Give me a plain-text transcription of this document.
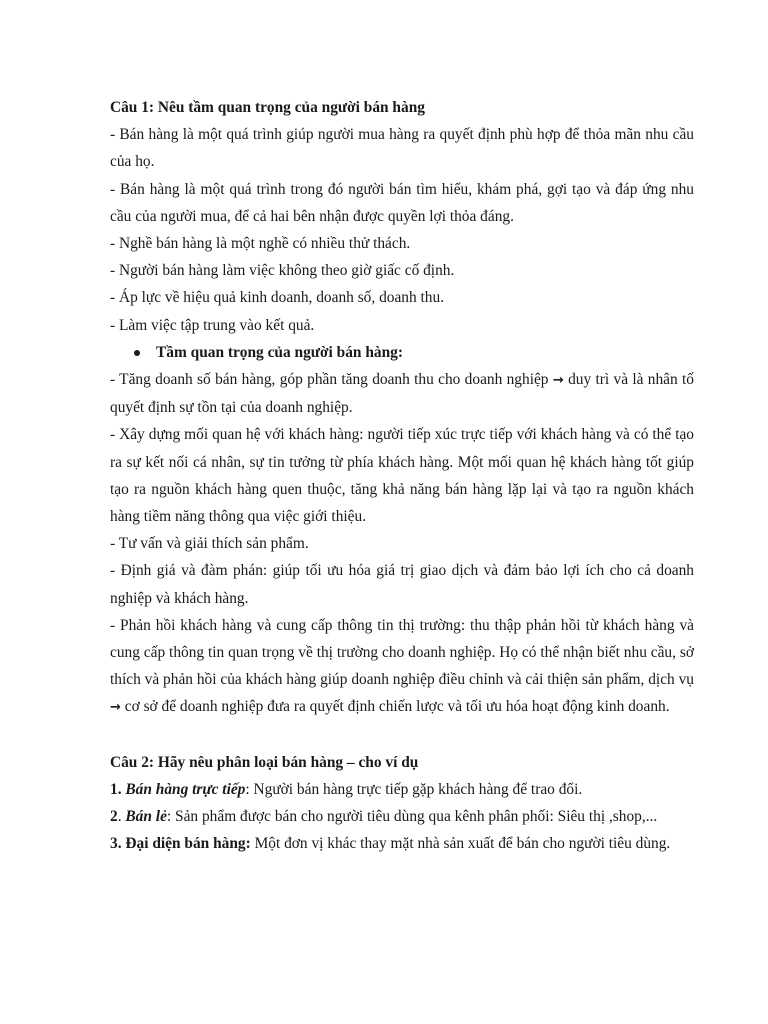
Câu 1: Nêu tầm quan trọng của người bán hàng

- Bán hàng là một quá trình giúp người mua hàng ra quyết định phù hợp để thỏa mãn nhu cầu của họ.

- Bán hàng là một quá trình trong đó người bán tìm hiểu, khám phá, gợi tạo và đáp ứng nhu cầu của người mua, để cả hai bên nhận được quyền lợi thỏa đáng.

- Nghề bán hàng là một nghề có nhiều thử thách.

- Người bán hàng làm việc không theo giờ giấc cố định.

- Áp lực về hiệu quả kinh doanh, doanh số, doanh thu.

- Làm việc tập trung vào kết quả.

Tầm quan trọng của người bán hàng:

- Tăng doanh số bán hàng, góp phần tăng doanh thu cho doanh nghiệp → duy trì và là nhân tố quyết định sự tồn tại của doanh nghiệp.

- Xây dựng mối quan hệ với khách hàng: người tiếp xúc trực tiếp với khách hàng và có thể tạo ra sự kết nối cá nhân, sự tin tưởng từ phía khách hàng. Một mối quan hệ khách hàng tốt giúp tạo ra nguồn khách hàng quen thuộc, tăng khả năng bán hàng lặp lại và tạo ra nguồn khách hàng tiềm năng thông qua việc giới thiệu.

- Tư vấn và giải thích sản phẩm.

- Định giá và đàm phán: giúp tối ưu hóa giá trị giao dịch và đảm bảo lợi ích cho cả doanh nghiệp và khách hàng.

- Phản hồi khách hàng và cung cấp thông tin thị trường: thu thập phản hồi từ khách hàng và cung cấp thông tin quan trọng về thị trường cho doanh nghiệp. Họ có thể nhận biết nhu cầu, sở thích và phản hồi của khách hàng giúp doanh nghiệp điều chỉnh và cải thiện sản phẩm, dịch vụ → cơ sở để doanh nghiệp đưa ra quyết định chiến lược và tối ưu hóa hoạt động kinh doanh.

Câu 2: Hãy nêu phân loại bán hàng – cho ví dụ

1. Bán hàng trực tiếp: Người bán hàng trực tiếp gặp khách hàng để trao đổi.

2. Bán lẻ: Sản phẩm được bán cho người tiêu dùng qua kênh phân phối: Siêu thị ,shop,...

3. Đại diện bán hàng: Một đơn vị khác thay mặt nhà sản xuất để bán cho người tiêu dùng.
